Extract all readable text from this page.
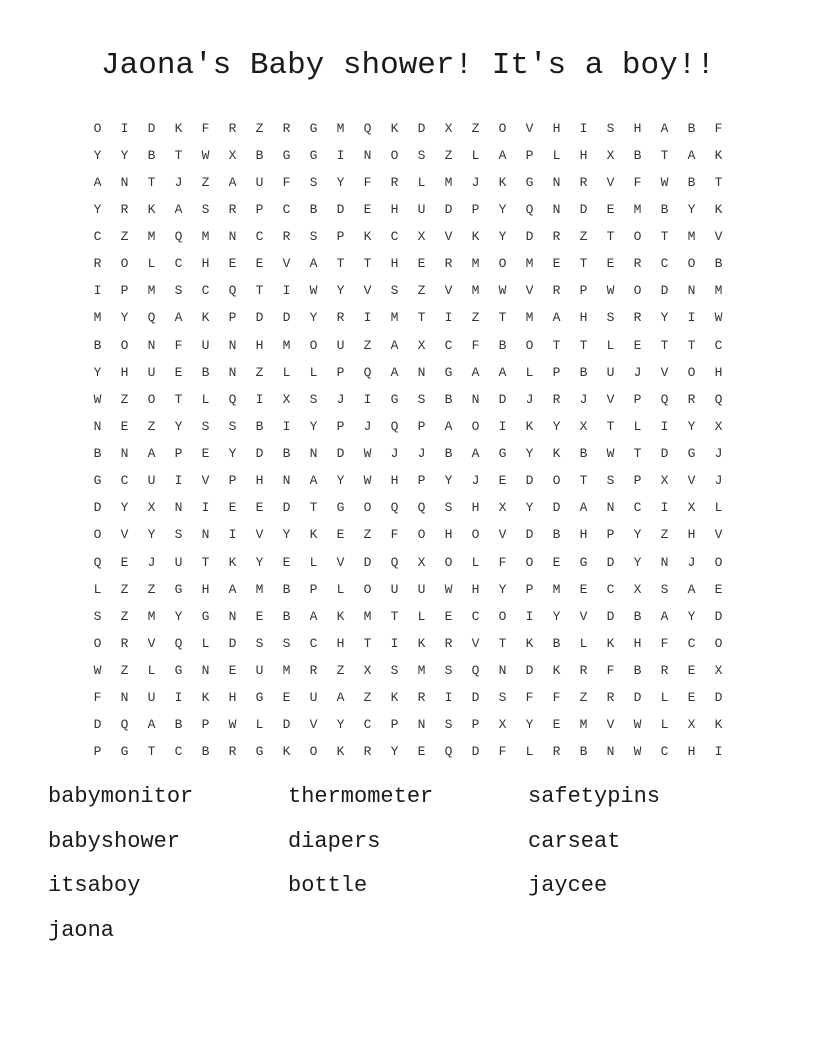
Jaona's Baby shower! It's a boy!!
O	I	D	K	F	R	Z	R	G	M	Q	K	D	X	Z	O	V	H	I	S	H	A	B	F
Y	Y	B	T	W	X	B	G	G	I	N	O	S	Z	L	A	P	L	H	X	B	T	A	K
A	N	T	J	Z	A	U	F	S	Y	F	R	L	M	J	K	G	N	R	V	F	W	B	T
Y	R	K	A	S	R	P	C	B	D	E	H	U	D	P	Y	Q	N	D	E	M	B	Y	K
C	Z	M	Q	M	N	C	R	S	P	K	C	X	V	K	Y	D	R	Z	T	O	T	M	V
R	O	L	C	H	E	E	V	A	T	T	H	E	R	M	O	M	E	T	E	R	C	O	B
I	P	M	S	C	Q	T	I	W	Y	V	S	Z	V	M	W	V	R	P	W	O	D	N	M
M	Y	Q	A	K	P	D	D	Y	R	I	M	T	I	Z	T	M	A	H	S	R	Y	I	W
B	O	N	F	U	N	H	M	O	U	Z	A	X	C	F	B	O	T	T	L	E	T	T	C
Y	H	U	E	B	N	Z	L	L	P	Q	A	N	G	A	A	L	P	B	U	J	V	O	H
W	Z	O	T	L	Q	I	X	S	J	I	G	S	B	N	D	J	R	J	V	P	Q	R	Q
N	E	Z	Y	S	S	B	I	Y	P	J	Q	P	A	O	I	K	Y	X	T	L	I	Y	X
B	N	A	P	E	Y	D	B	N	D	W	J	J	B	A	G	Y	K	B	W	T	D	G	J
G	C	U	I	V	P	H	N	A	Y	W	H	P	Y	J	E	D	O	T	S	P	X	V	J
D	Y	X	N	I	E	E	D	T	G	O	Q	Q	S	H	X	Y	D	A	N	C	I	X	L
O	V	Y	S	N	I	V	Y	K	E	Z	F	O	H	O	V	D	B	H	P	Y	Z	H	V
Q	E	J	U	T	K	Y	E	L	V	D	Q	X	O	L	F	O	E	G	D	Y	N	J	O
L	Z	Z	G	H	A	M	B	P	L	O	U	U	W	H	Y	P	M	E	C	X	S	A	E
S	Z	M	Y	G	N	E	B	A	K	M	T	L	E	C	O	I	Y	V	D	B	A	Y	D
O	R	V	Q	L	D	S	S	C	H	T	I	K	R	V	T	K	B	L	K	H	F	C	O
W	Z	L	G	N	E	U	M	R	Z	X	S	M	S	Q	N	D	K	R	F	B	R	E	X
F	N	U	I	K	H	G	E	U	A	Z	K	R	I	D	S	F	F	Z	R	D	L	E	D
D	Q	A	B	P	W	L	D	V	Y	C	P	N	S	P	X	Y	E	M	V	W	L	X	K
P	G	T	C	B	R	G	K	O	K	R	Y	E	Q	D	F	L	R	B	N	W	C	H	I
babymonitor	thermometer	safetypins
babyshower	diapers	carseat
itsaboy	bottle	jaycee
jaona
